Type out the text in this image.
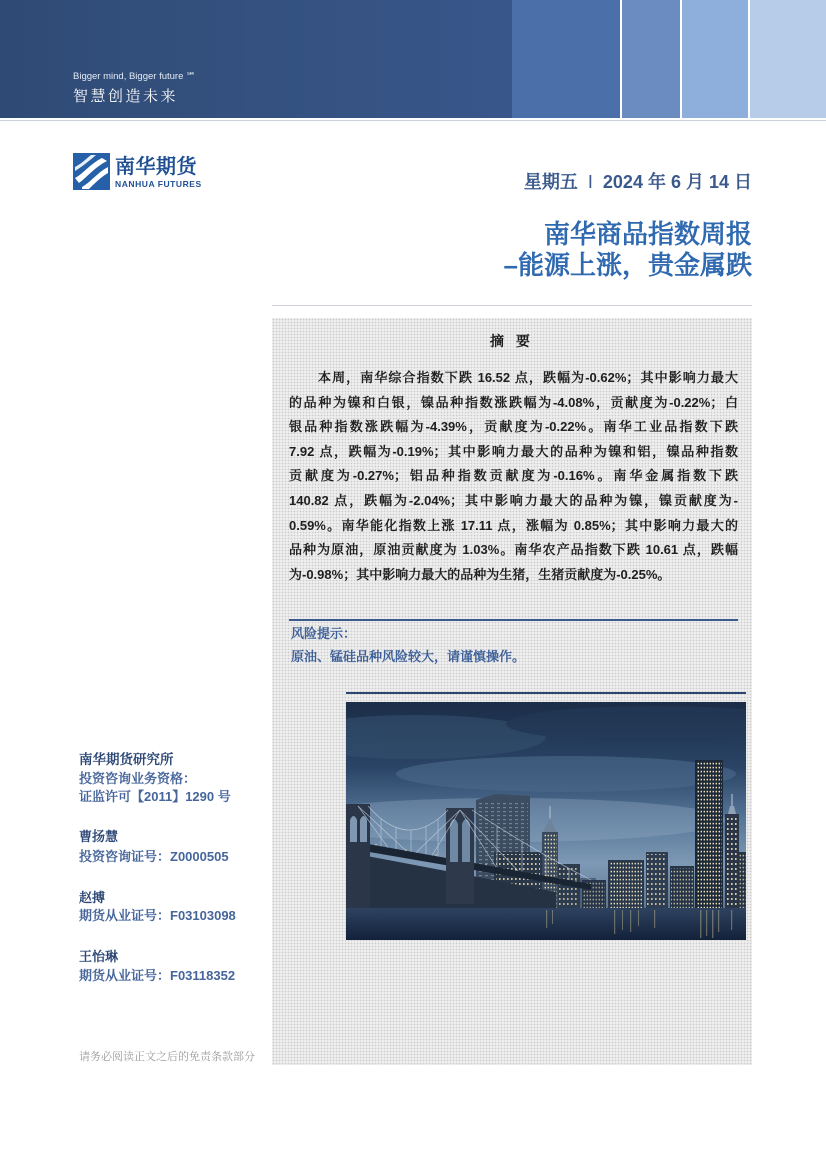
Bigger mind, Bigger future ℠
智慧创造未来
南华期货
NANHUA FUTURES	星期五 I 2024 年 6 月 14 日
南华商品指数周报
–能源上涨，贵金属跌
摘 要
本周，南华综合指数下跌 16.52 点，跌幅为-0.62%；其中影响力最大
的品种为镍和白银，镍品种指数涨跌幅为-4.08%，贡献度为-0.22%；白
银品种指数涨跌幅为-4.39%，贡献度为-0.22%。南华工业品指数下跌
7.92 点，跌幅为-0.19%；其中影响力最大的品种为镍和铝，镍品种指数
贡献度为-0.27%；铝品种指数贡献度为-0.16%。南华金属指数下跌
140.82 点，跌幅为-2.04%；其中影响力最大的品种为镍，镍贡献度为-
0.59%。南华能化指数上涨 17.11 点，涨幅为 0.85%；其中影响力最大的
品种为原油，原油贡献度为 1.03%。南华农产品指数下跌 10.61 点，跌幅
为-0.98%；其中影响力最大的品种为生猪，生猪贡献度为-0.25%。
风险提示：
原油、锰硅品种风险较大，请谨慎操作。
南华期货研究所
投资咨询业务资格：
证监许可【2011】1290 号
曹扬慧
投资咨询证号：Z0000505
赵搏
期货从业证号：F03103098
王怡琳
期货从业证号：F03118352
请务必阅读正文之后的免责条款部分
